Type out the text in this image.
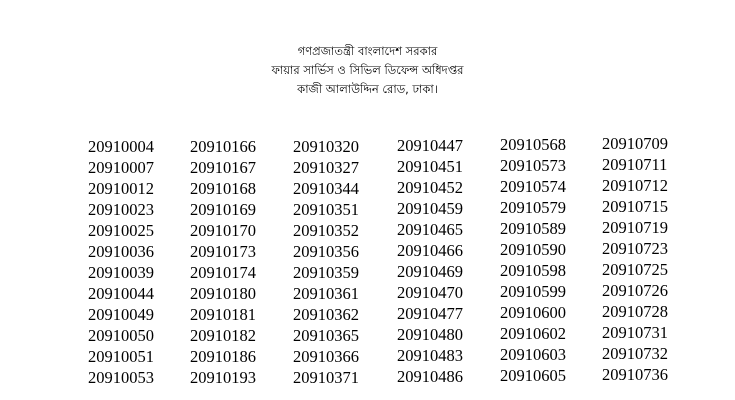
গণপ্রজাতন্ত্রী বাংলাদেশ সরকার
ফায়ার সার্ভিস ও সিভিল ডিফেন্স অধিদপ্তর
কাজী আলাউদ্দিন রোড, ঢাকা।
20910004
20910007
20910012
20910023
20910025
20910036
20910039
20910044
20910049
20910050
20910051
20910053
20910166
20910167
20910168
20910169
20910170
20910173
20910174
20910180
20910181
20910182
20910186
20910193
20910320
20910327
20910344
20910351
20910352
20910356
20910359
20910361
20910362
20910365
20910366
20910371
20910447
20910451
20910452
20910459
20910465
20910466
20910469
20910470
20910477
20910480
20910483
20910486
20910568
20910573
20910574
20910579
20910589
20910590
20910598
20910599
20910600
20910602
20910603
20910605
20910709
20910711
20910712
20910715
20910719
20910723
20910725
20910726
20910728
20910731
20910732
20910736
